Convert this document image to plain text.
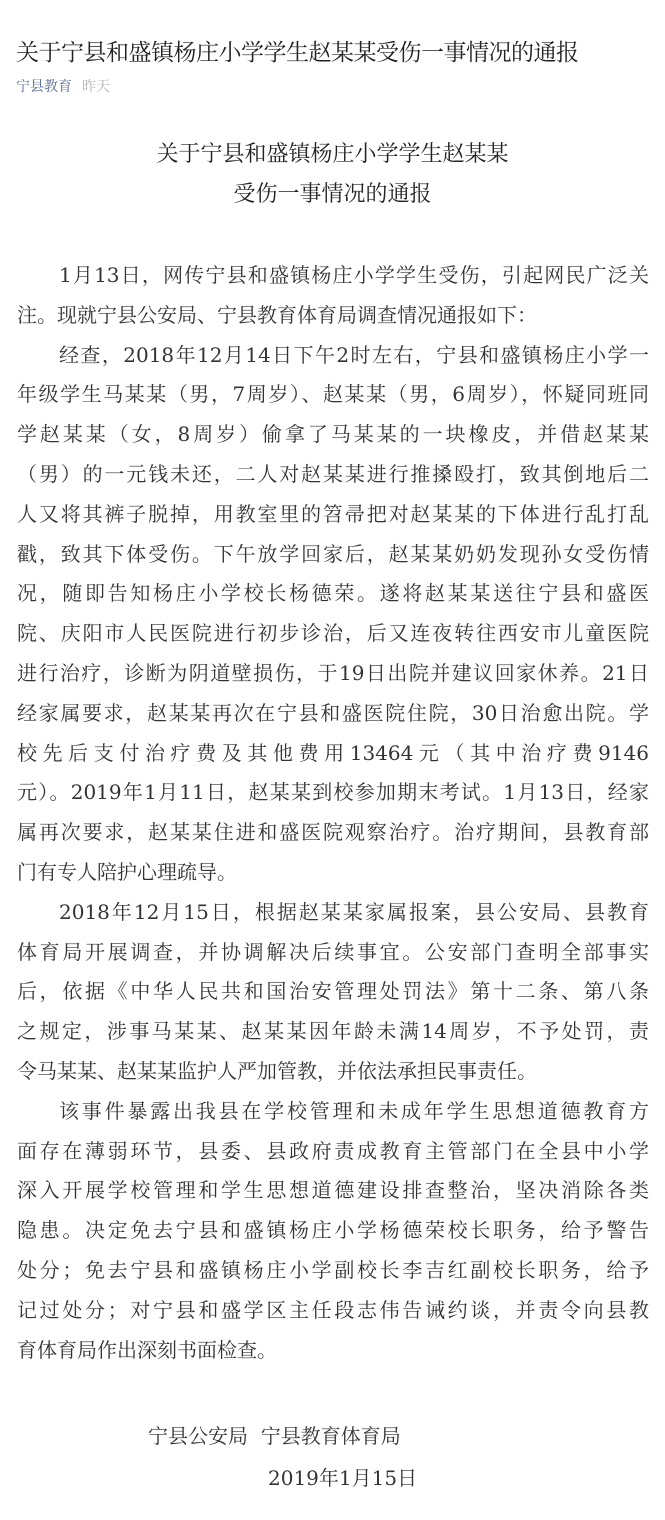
关于宁县和盛镇杨庄小学学生赵某某受伤一事情况的通报
宁县教育 昨天
关于宁县和盛镇杨庄小学学生赵某某
受伤一事情况的通报
1月13日，网传宁县和盛镇杨庄小学学生受伤，引起网民广泛关
注。现就宁县公安局、宁县教育体育局调查情况通报如下：
经查，2018年12月14日下午2时左右，宁县和盛镇杨庄小学一
年级学生马某某（男，7周岁）、赵某某（男，6周岁），怀疑同班同
学赵某某（女，8周岁）偷拿了马某某的一块橡皮，并借赵某某
（男）的一元钱未还，二人对赵某某进行推搡殴打，致其倒地后二
人又将其裤子脱掉，用教室里的笤帚把对赵某某的下体进行乱打乱
戳，致其下体受伤。下午放学回家后，赵某某奶奶发现孙女受伤情
况，随即告知杨庄小学校长杨德荣。遂将赵某某送往宁县和盛医
院、庆阳市人民医院进行初步诊治，后又连夜转往西安市儿童医院
进行治疗，诊断为阴道壁损伤，于19日出院并建议回家休养。21日
经家属要求，赵某某再次在宁县和盛医院住院，30日治愈出院。学
校先后支付治疗费及其他费用13464元（其中治疗费9146
元）。2019年1月11日，赵某某到校参加期末考试。1月13日，经家
属再次要求，赵某某住进和盛医院观察治疗。治疗期间，县教育部
门有专人陪护心理疏导。
2018年12月15日，根据赵某某家属报案，县公安局、县教育
体育局开展调查，并协调解决后续事宜。公安部门查明全部事实
后，依据《中华人民共和国治安管理处罚法》第十二条、第八条
之规定，涉事马某某、赵某某因年龄未满14周岁，不予处罚，责
令马某某、赵某某监护人严加管教，并依法承担民事责任。
该事件暴露出我县在学校管理和未成年学生思想道德教育方
面存在薄弱环节，县委、县政府责成教育主管部门在全县中小学
深入开展学校管理和学生思想道德建设排查整治，坚决消除各类
隐患。决定免去宁县和盛镇杨庄小学杨德荣校长职务，给予警告
处分；免去宁县和盛镇杨庄小学副校长李吉红副校长职务，给予
记过处分；对宁县和盛学区主任段志伟告诫约谈，并责令向县教
育体育局作出深刻书面检查。
宁县公安局  宁县教育体育局
2019年1月15日
